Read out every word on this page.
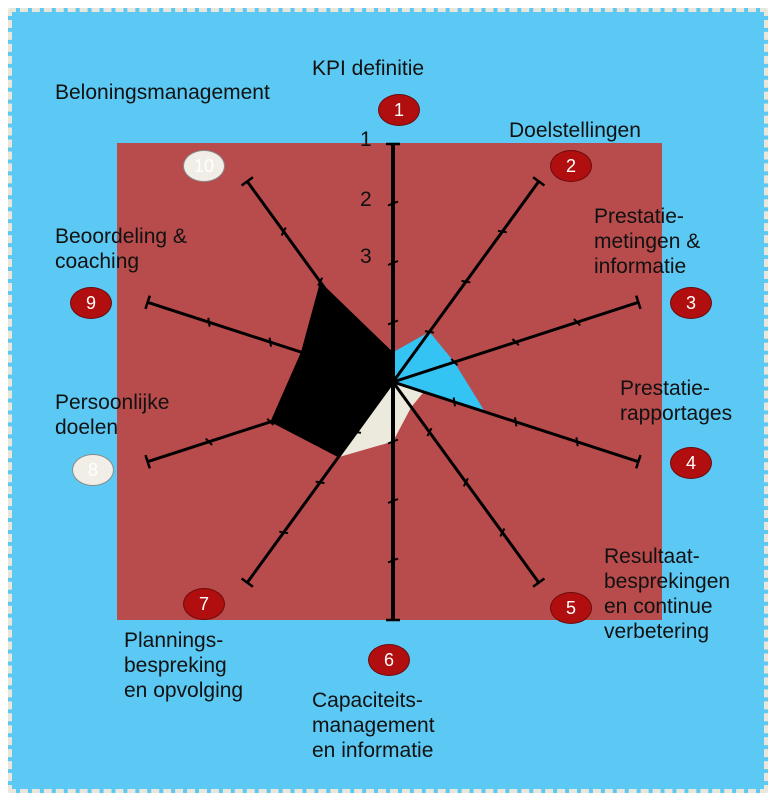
1
2
3
1
2
3
4
5
6
7
8
9
10
KPI definitie
Doelstellingen
Prestatie-
metingen &
informatie
Prestatie-
rapportages
Resultaat-
besprekingen
en continue
verbetering
Capaciteits-
management
en informatie
Plannings-
bespreking
en opvolging
Persoonlijke
doelen
Beoordeling &
coaching
Beloningsmanagement
